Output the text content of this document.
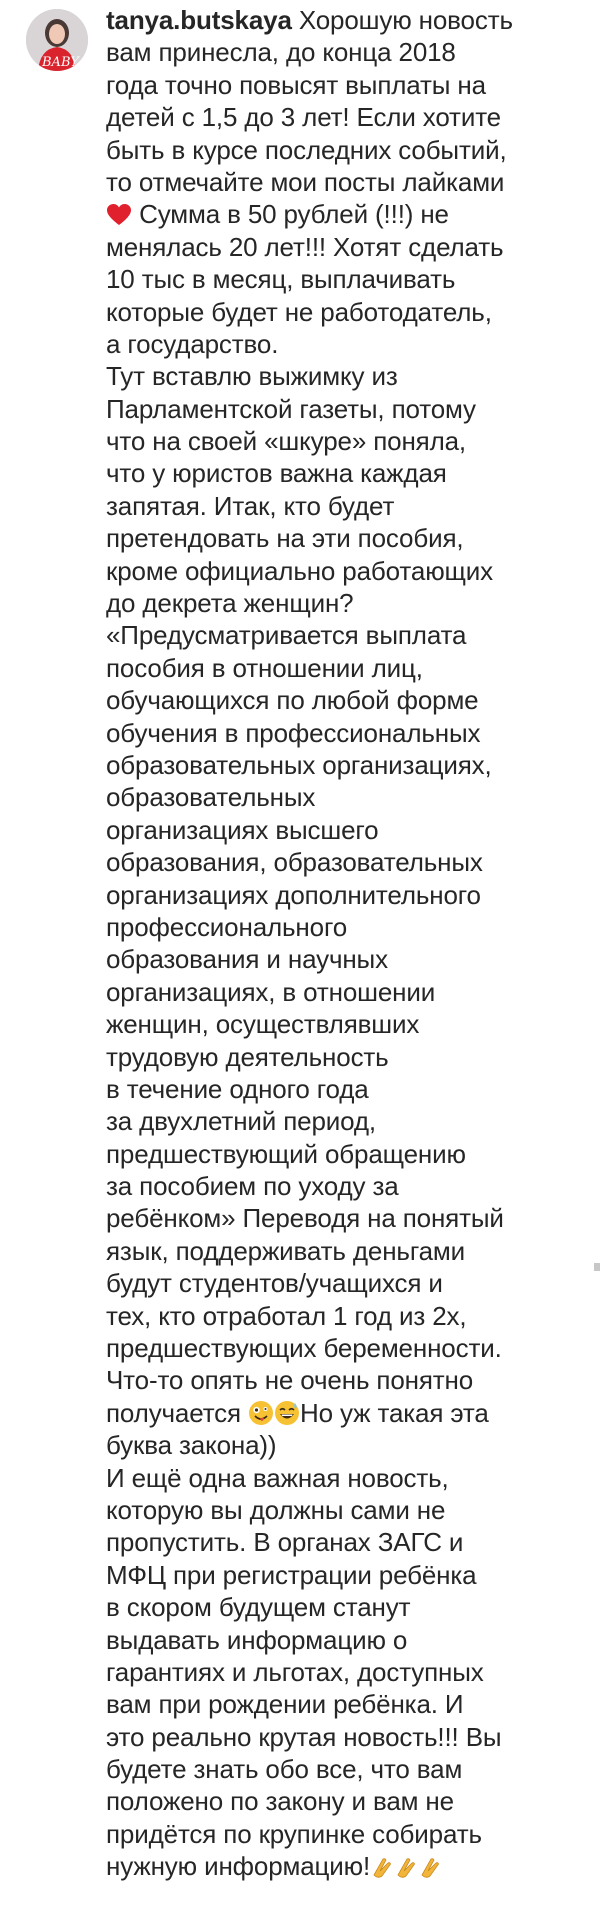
BABY
tanya.butskaya Хорошую новость
вам принесла, до конца 2018
года точно повысят выплаты на
детей с 1,5 до 3 лет! Если хотите
быть в курсе последних событий,
то отмечайте мои посты лайками
Сумма в 50 рублей (!!!) не
менялась 20 лет!!! Хотят сделать
10 тыс в месяц, выплачивать
которые будет не работодатель,
а государство.
Тут вставлю выжимку из
Парламентской газеты, потому
что на своей «шкуре» поняла,
что у юристов важна каждая
запятая. Итак, кто будет
претендовать на эти пособия,
кроме официально работающих
до декрета женщин?
«Предусматривается выплата
пособия в отношении лиц,
обучающихся по любой форме
обучения в профессиональных
образовательных организациях,
образовательных
организациях высшего
образования, образовательных
организациях дополнительного
профессионального
образования и научных
организациях, в отношении
женщин, осуществлявших
трудовую деятельность
в течение одного года
за двухлетний период,
предшествующий обращению
за пособием по уходу за
ребёнком» Переводя на понятый
язык, поддерживать деньгами
будут студентов/учащихся и
тех, кто отработал 1 год из 2х,
предшествующих беременности.
Что-то опять не очень понятно
получается Но уж такая эта
буква закона))
И ещё одна важная новость,
которую вы должны сами не
пропустить. В органах ЗАГС и
МФЦ при регистрации ребёнка
в скором будущем станут
выдавать информацию о
гарантиях и льготах, доступных
вам при рождении ребёнка. И
это реально крутая новость!!! Вы
будете знать обо все, что вам
положено по закону и вам не
придётся по крупинке собирать
нужную информацию!
